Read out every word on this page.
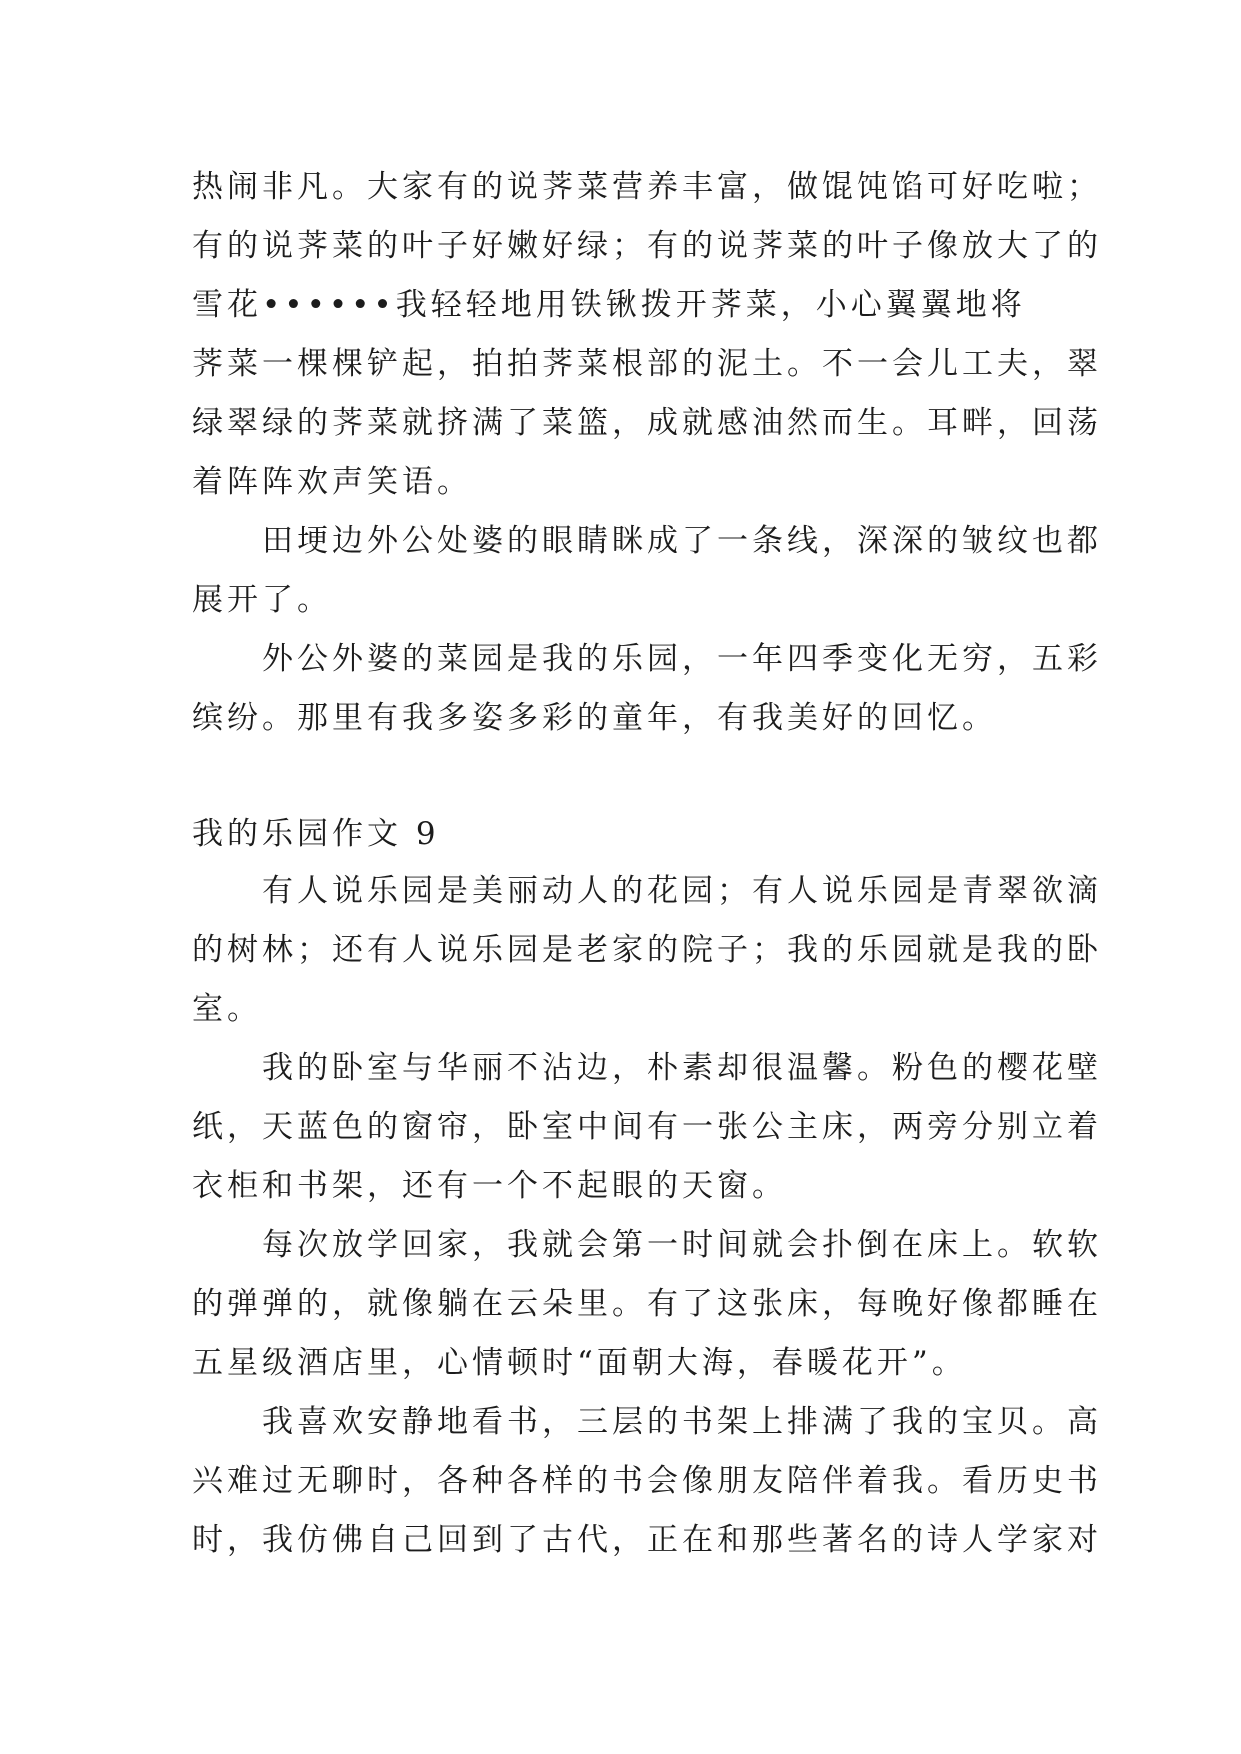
热闹非凡。大家有的说荠菜营养丰富，做馄饨馅可好吃啦；
有的说荠菜的叶子好嫩好绿；有的说荠菜的叶子像放大了的
雪花••••••我轻轻地用铁锹拨开荠菜，小心翼翼地将
荠菜一棵棵铲起，拍拍荠菜根部的泥土。不一会儿工夫，翠
绿翠绿的荠菜就挤满了菜篮，成就感油然而生。耳畔，回荡
着阵阵欢声笑语。
　　田埂边外公处婆的眼睛眯成了一条线，深深的皱纹也都
展开了。
　　外公外婆的菜园是我的乐园，一年四季变化无穷，五彩
缤纷。那里有我多姿多彩的童年，有我美好的回忆。
我的乐园作文 9
　　有人说乐园是美丽动人的花园；有人说乐园是青翠欲滴
的树林；还有人说乐园是老家的院子；我的乐园就是我的卧
室。
　　我的卧室与华丽不沾边，朴素却很温馨。粉色的樱花壁
纸，天蓝色的窗帘，卧室中间有一张公主床，两旁分别立着
衣柜和书架，还有一个不起眼的天窗。
　　每次放学回家，我就会第一时间就会扑倒在床上。软软
的弹弹的，就像躺在云朵里。有了这张床，每晚好像都睡在
五星级酒店里，心情顿时“面朝大海，春暖花开”。
　　我喜欢安静地看书，三层的书架上排满了我的宝贝。高
兴难过无聊时，各种各样的书会像朋友陪伴着我。看历史书
时，我仿佛自己回到了古代，正在和那些著名的诗人学家对
